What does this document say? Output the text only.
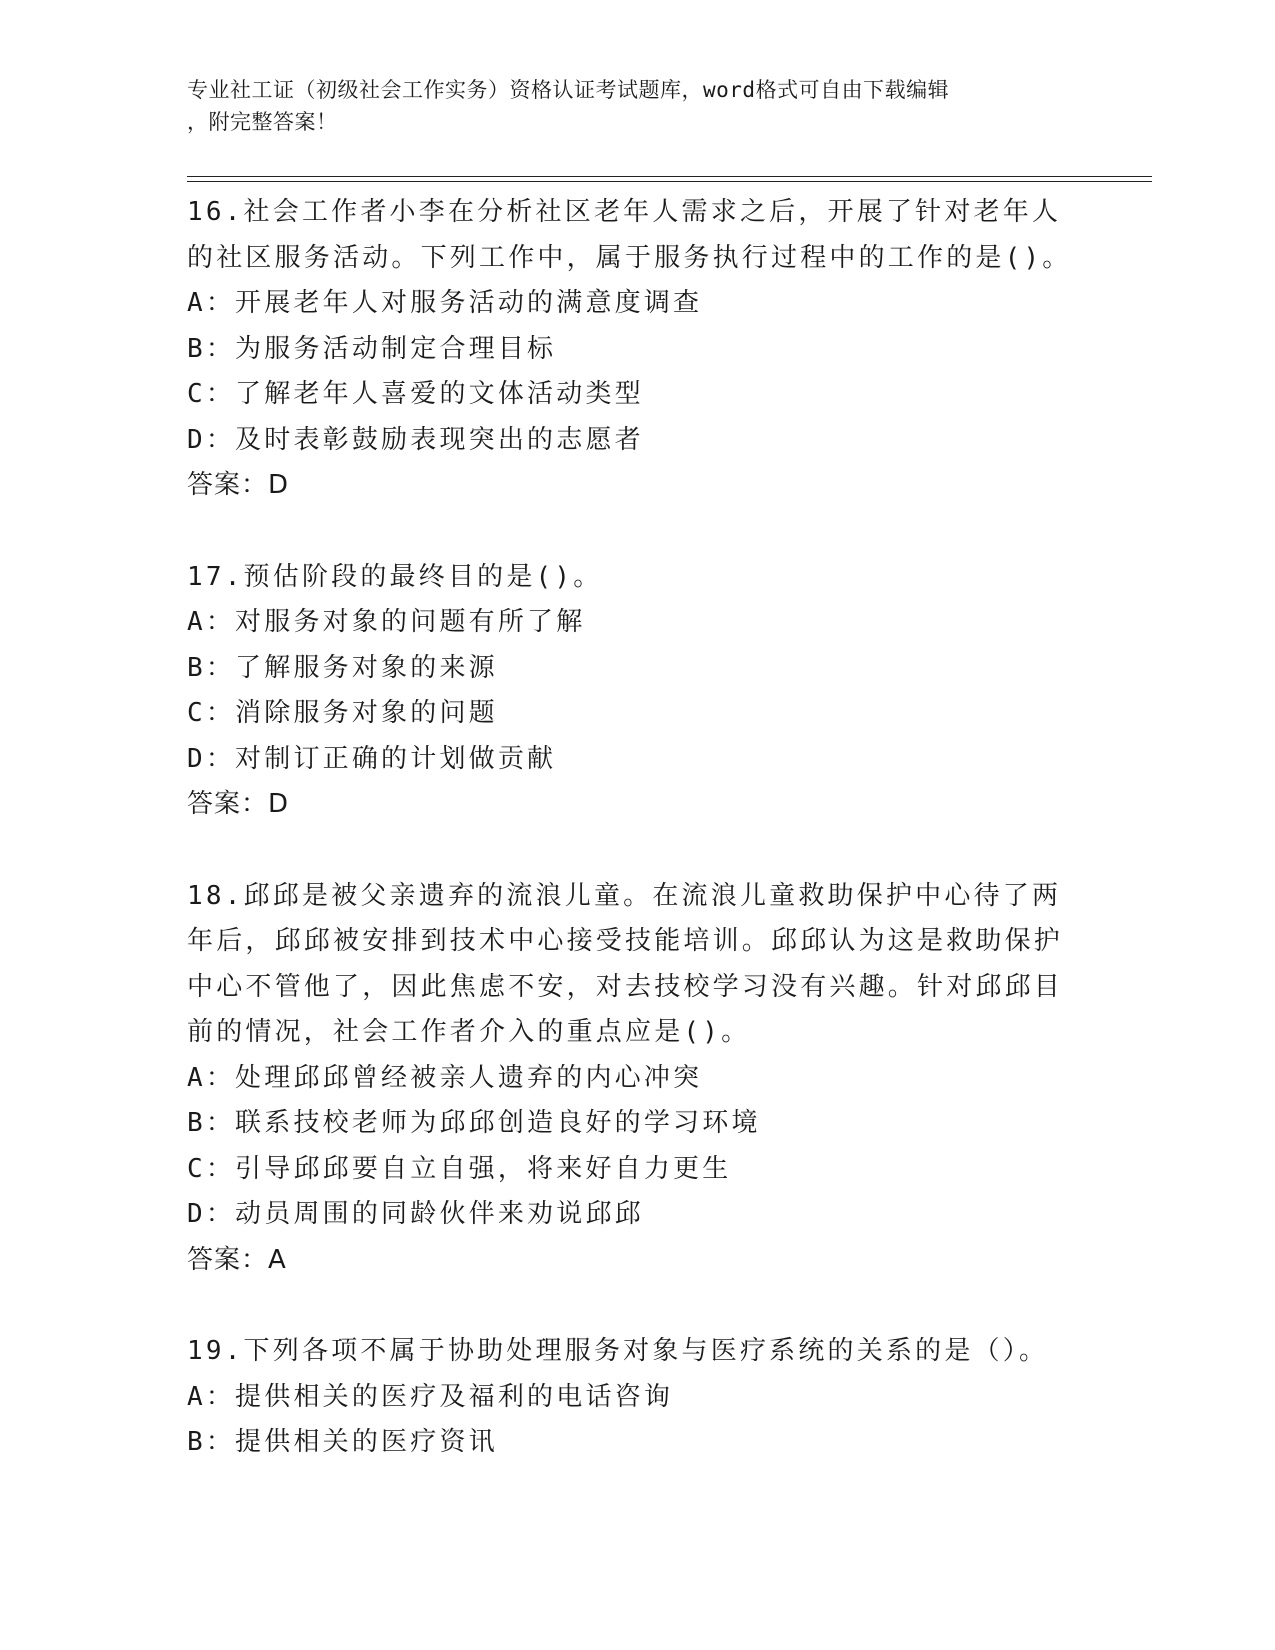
专业社工证（初级社会工作实务）资格认证考试题库，word格式可自由下载编辑
，附完整答案！
16.社会工作者小李在分析社区老年人需求之后，开展了针对老年人的社区服务活动。下列工作中，属于服务执行过程中的工作的是()。
A：开展老年人对服务活动的满意度调查
B：为服务活动制定合理目标
C：了解老年人喜爱的文体活动类型
D：及时表彰鼓励表现突出的志愿者
答案：D
17.预估阶段的最终目的是()。
A：对服务对象的问题有所了解
B：了解服务对象的来源
C：消除服务对象的问题
D：对制订正确的计划做贡献
答案：D
18.邱邱是被父亲遗弃的流浪儿童。在流浪儿童救助保护中心待了两年后，邱邱被安排到技术中心接受技能培训。邱邱认为这是救助保护中心不管他了，因此焦虑不安，对去技校学习没有兴趣。针对邱邱目前的情况，社会工作者介入的重点应是()。
A：处理邱邱曾经被亲人遗弃的内心冲突
B：联系技校老师为邱邱创造良好的学习环境
C：引导邱邱要自立自强，将来好自力更生
D：动员周围的同龄伙伴来劝说邱邱
答案：A
19.下列各项不属于协助处理服务对象与医疗系统的关系的是（）。
A：提供相关的医疗及福利的电话咨询
B：提供相关的医疗资讯
